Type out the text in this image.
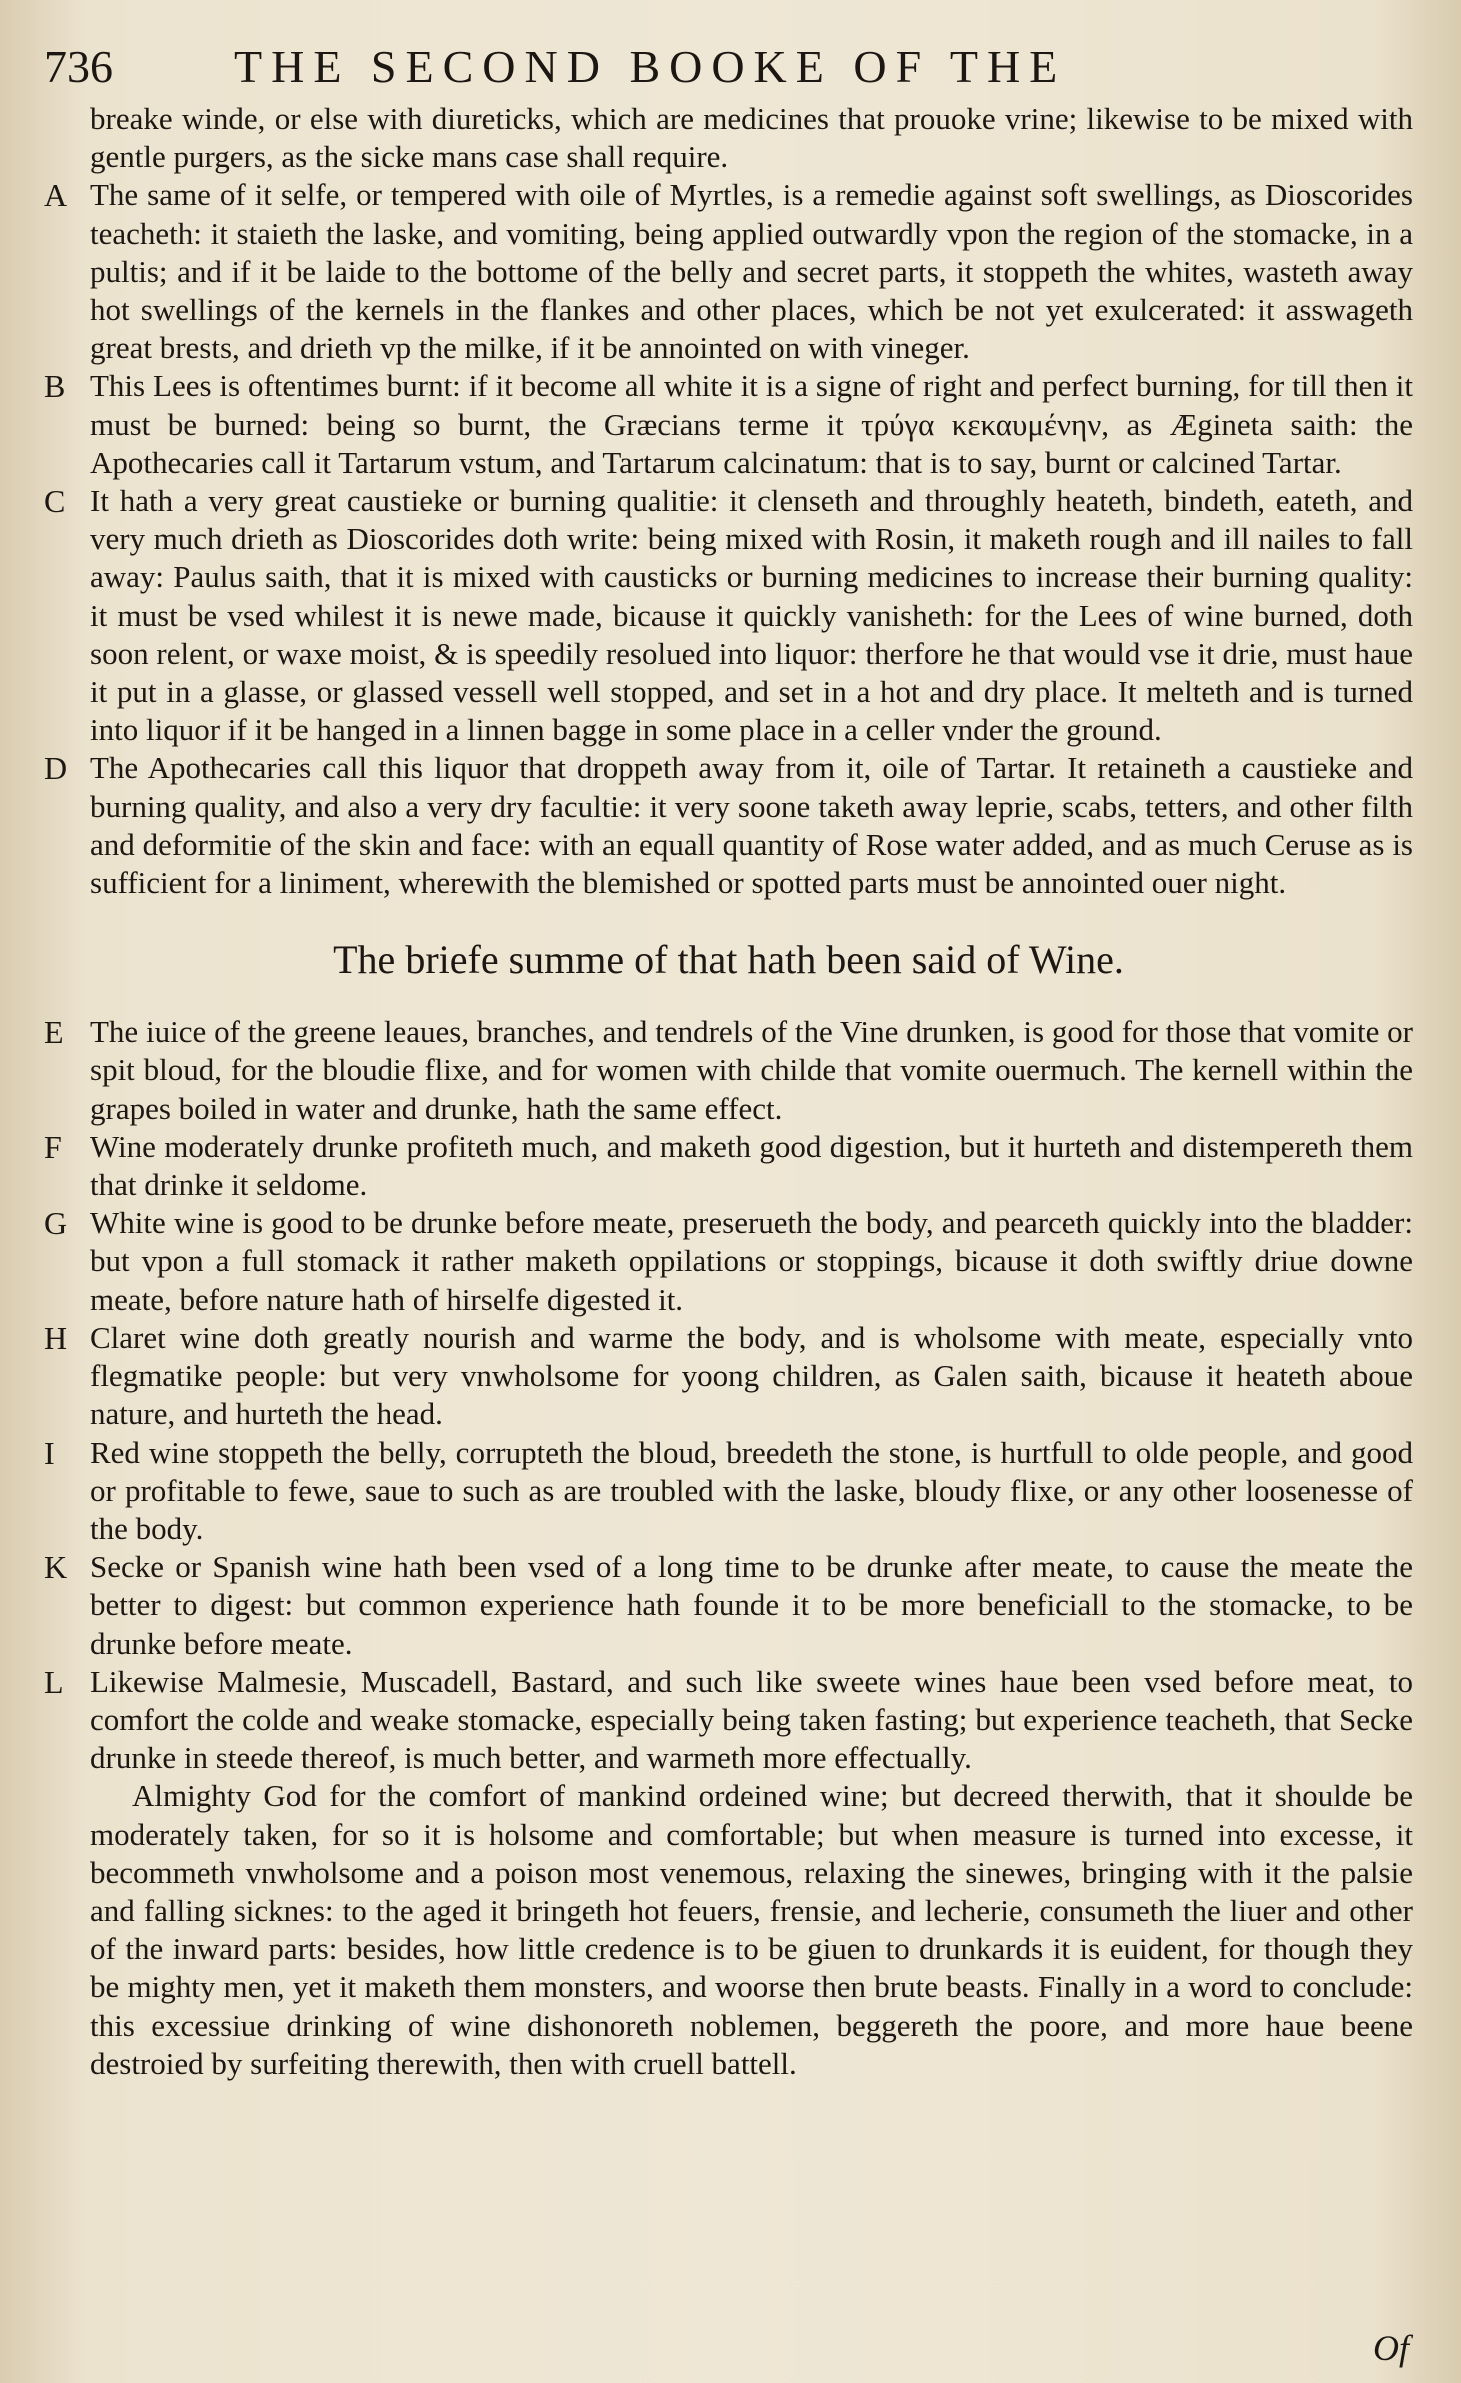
736	THE SECOND BOOKE OF THE

breake winde, or else with diureticks, which are medicines that prouoke vrine; likewise to be mixed with gentle purgers, as the sicke mans case shall require.

A The same of it selfe, or tempered with oile of Myrtles, is a remedie against soft swellings, as Dioscorides teacheth: it staieth the laske, and vomiting, being applied outwardly vpon the region of the stomacke, in a pultis; and if it be laide to the bottome of the belly and secret parts, it stoppeth the whites, wasteth away hot swellings of the kernels in the flankes and other places, which be not yet exulcerated: it asswageth great brests, and drieth vp the milke, if it be annointed on with vineger.

B This Lees is oftentimes burnt: if it become all white it is a signe of right and perfect burning, for till then it must be burned: being so burnt, the Græcians terme it τρύγα κεκαυμένην, as Ægineta saith: the Apothecaries call it Tartarum vstum, and Tartarum calcinatum: that is to say, burnt or calcined Tartar.

C It hath a very great caustieke or burning qualitie: it clenseth and throughly heateth, bindeth, eateth, and very much drieth as Dioscorides doth write: being mixed with Rosin, it maketh rough and ill nailes to fall away: Paulus saith, that it is mixed with causticks or burning medicines to increase their burning quality: it must be vsed whilest it is newe made, bicause it quickly vanisheth: for the Lees of wine burned, doth soon relent, or waxe moist, & is speedily resolued into liquor: therfore he that would vse it drie, must haue it put in a glasse, or glassed vessell well stopped, and set in a hot and dry place. It melteth and is turned into liquor if it be hanged in a linnen bagge in some place in a celler vnder the ground.

D The Apothecaries call this liquor that droppeth away from it, oile of Tartar. It retaineth a caustieke and burning quality, and also a very dry facultie: it very soone taketh away leprie, scabs, tetters, and other filth and deformitie of the skin and face: with an equall quantity of Rose water added, and as much Ceruse as is sufficient for a liniment, wherewith the blemished or spotted parts must be annointed ouer night.

The briefe summe of that hath been said of Wine.

E The iuice of the greene leaues, branches, and tendrels of the Vine drunken, is good for those that vomite or spit bloud, for the bloudie flixe, and for women with childe that vomite ouermuch. The kernell within the grapes boiled in water and drunke, hath the same effect.

F Wine moderately drunke profiteth much, and maketh good digestion, but it hurteth and distempereth them that drinke it seldome.

G White wine is good to be drunke before meate, preserueth the body, and pearceth quickly into the bladder: but vpon a full stomack it rather maketh oppilations or stoppings, bicause it doth swiftly driue downe meate, before nature hath of hirselfe digested it.

H Claret wine doth greatly nourish and warme the body, and is wholsome with meate, especially vnto flegmatike people: but very vnwholsome for yoong children, as Galen saith, bicause it heateth aboue nature, and hurteth the head.

I Red wine stoppeth the belly, corrupteth the bloud, breedeth the stone, is hurtfull to olde people, and good or profitable to fewe, saue to such as are troubled with the laske, bloudy flixe, or any other loosenesse of the body.

K Secke or Spanish wine hath been vsed of a long time to be drunke after meate, to cause the meate the better to digest: but common experience hath founde it to be more beneficiall to the stomacke, to be drunke before meate.

L Likewise Malmesie, Muscadell, Bastard, and such like sweete wines haue been vsed before meat, to comfort the colde and weake stomacke, especially being taken fasting; but experience teacheth, that Secke drunke in steede thereof, is much better, and warmeth more effectually.

Almighty God for the comfort of mankind ordeined wine; but decreed therwith, that it shoulde be moderately taken, for so it is holsome and comfortable; but when measure is turned into excesse, it becommeth vnwholsome and a poison most venemous, relaxing the sinewes, bringing with it the palsie and falling sicknes: to the aged it bringeth hot feuers, frensie, and lecherie, consumeth the liuer and other of the inward parts: besides, how little credence is to be giuen to drunkards it is euident, for though they be mighty men, yet it maketh them monsters, and woorse then brute beasts. Finally in a word to conclude: this excessiue drinking of wine dishonoreth noblemen, beggereth the poore, and more haue beene destroied by surfeiting therewith, then with cruell battell.

Of
